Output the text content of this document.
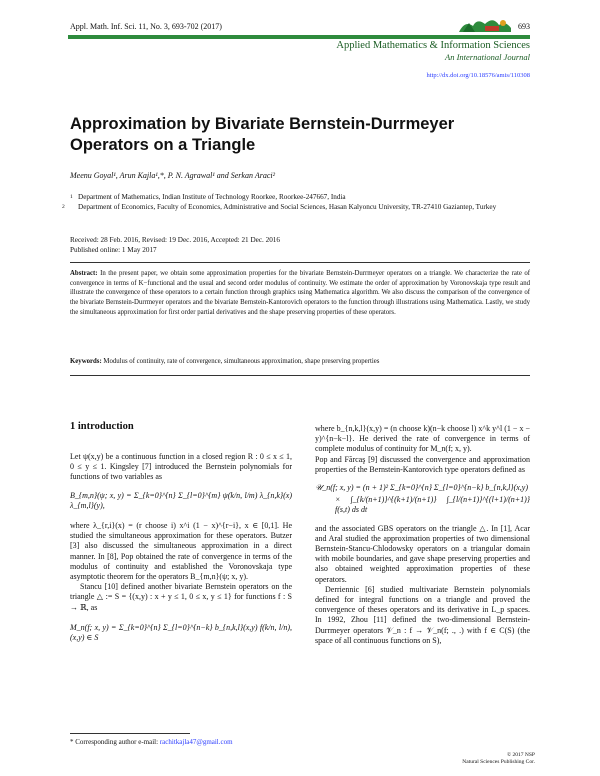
Appl. Math. Inf. Sci. 11, No. 3, 693-702 (2017)	693
Applied Mathematics & Information Sciences
An International Journal
http://dx.doi.org/10.18576/amis/110308
Approximation by Bivariate Bernstein-Durrmeyer Operators on a Triangle
Meenu Goyal¹, Arun Kajla¹,*, P. N. Agrawal¹ and Serkan Araci²
1 Department of Mathematics, Indian Institute of Technology Roorkee, Roorkee-247667, India
2 Department of Economics, Faculty of Economics, Administrative and Social Sciences, Hasan Kalyoncu University, TR-27410 Gaziantep, Turkey
Received: 28 Feb. 2016, Revised: 19 Dec. 2016, Accepted: 21 Dec. 2016
Published online: 1 May 2017
Abstract: In the present paper, we obtain some approximation properties for the bivariate Bernstein-Durrmeyer operators on a triangle. We characterize the rate of convergence in terms of K−functional and the usual and second order modulus of continuity. We estimate the order of approximation by Voronovskaja type result and illustrate the convergence of these operators to a certain function through graphics using Mathematica algorithm. We also discuss the comparison of the convergence of the bivariate Bernstein-Durrmeyer operators and the bivariate Bernstein-Kantorovich operators to the function through illustrations using Mathematica. Lastly, we study the simultaneous approximation for first order partial derivatives and the shape preserving properties of these operators.
Keywords: Modulus of continuity, rate of convergence, simultaneous approximation, shape preserving properties
1 introduction

Let ψ(x,y) be a continuous function in a closed region R : 0 ≤ x ≤ 1, 0 ≤ y ≤ 1. Kingsley [7] introduced the Bernstein polynomials for functions of two variables as

B_{m,n}(ψ; x, y) = Σ_{k=0}^{n} Σ_{l=0}^{m} ψ(k/n, l/m) λ_{n,k}(x) λ_{m,l}(y),

where λ_{r,i}(x) = (r choose i) x^i (1 − x)^{r−i}, x ∈ [0,1]. He studied the simultaneous approximation for these operators. Butzer [3] also discussed the simultaneous approximation in a direct manner. In [8], Pop obtained the rate of convergence in terms of the modulus of continuity and established the Voronovskaja type asymptotic theorem for the operators B_{m,n}(ψ; x, y).

Stancu [10] defined another bivariate Bernstein operators on the triangle △ := S = {(x,y) : x + y ≤ 1, 0 ≤ x, y ≤ 1} for functions f : S → ℝ, as

M_n(f; x, y) = Σ_{k=0}^{n} Σ_{l=0}^{n−k} b_{n,k,l}(x,y) f(k/n, l/n), (x,y) ∈ S

where b_{n,k,l}(x,y) = (n choose k)(n−k choose l) x^k y^l (1 − x − y)^{n−k−l}. He derived the rate of convergence in terms of complete modulus of continuity for M_n(f; x, y).

Pop and Fărcaş [9] discussed the convergence and approximation properties of the Bernstein-Kantorovich type operators defined as

𝒰_n(f; x, y) = (n + 1)² Σ_{k=0}^{n} Σ_{l=0}^{n−k} b_{n,k,l}(x,y)

× ∫_{k/(n+1)}^{(k+1)/(n+1)} ∫_{l/(n+1)}^{(l+1)/(n+1)} f(s,t) ds dt

and the associated GBS operators on the triangle △. In [1], Acar and Aral studied the approximation properties of two dimensional Bernstein-Stancu-Chlodowsky operators on a triangular domain with mobile boundaries, and gave shape preserving properties and also obtained weighted approximation properties of these operators.

Derriennic [6] studied multivariate Bernstein polynomials defined for integral functions on a triangle and proved the convergence of theses operators and its derivative in L_p spaces. In 1992, Zhou [11] defined the two-dimensional Bernstein-Durrmeyer operators 𝒱_n : f → 𝒱_n(f; ., .) with f ∈ C(S) (the space of all continuous functions on S),

* Corresponding author e-mail: rachitkajla47@gmail.com
© 2017 NSP
Natural Sciences Publishing Cor.
